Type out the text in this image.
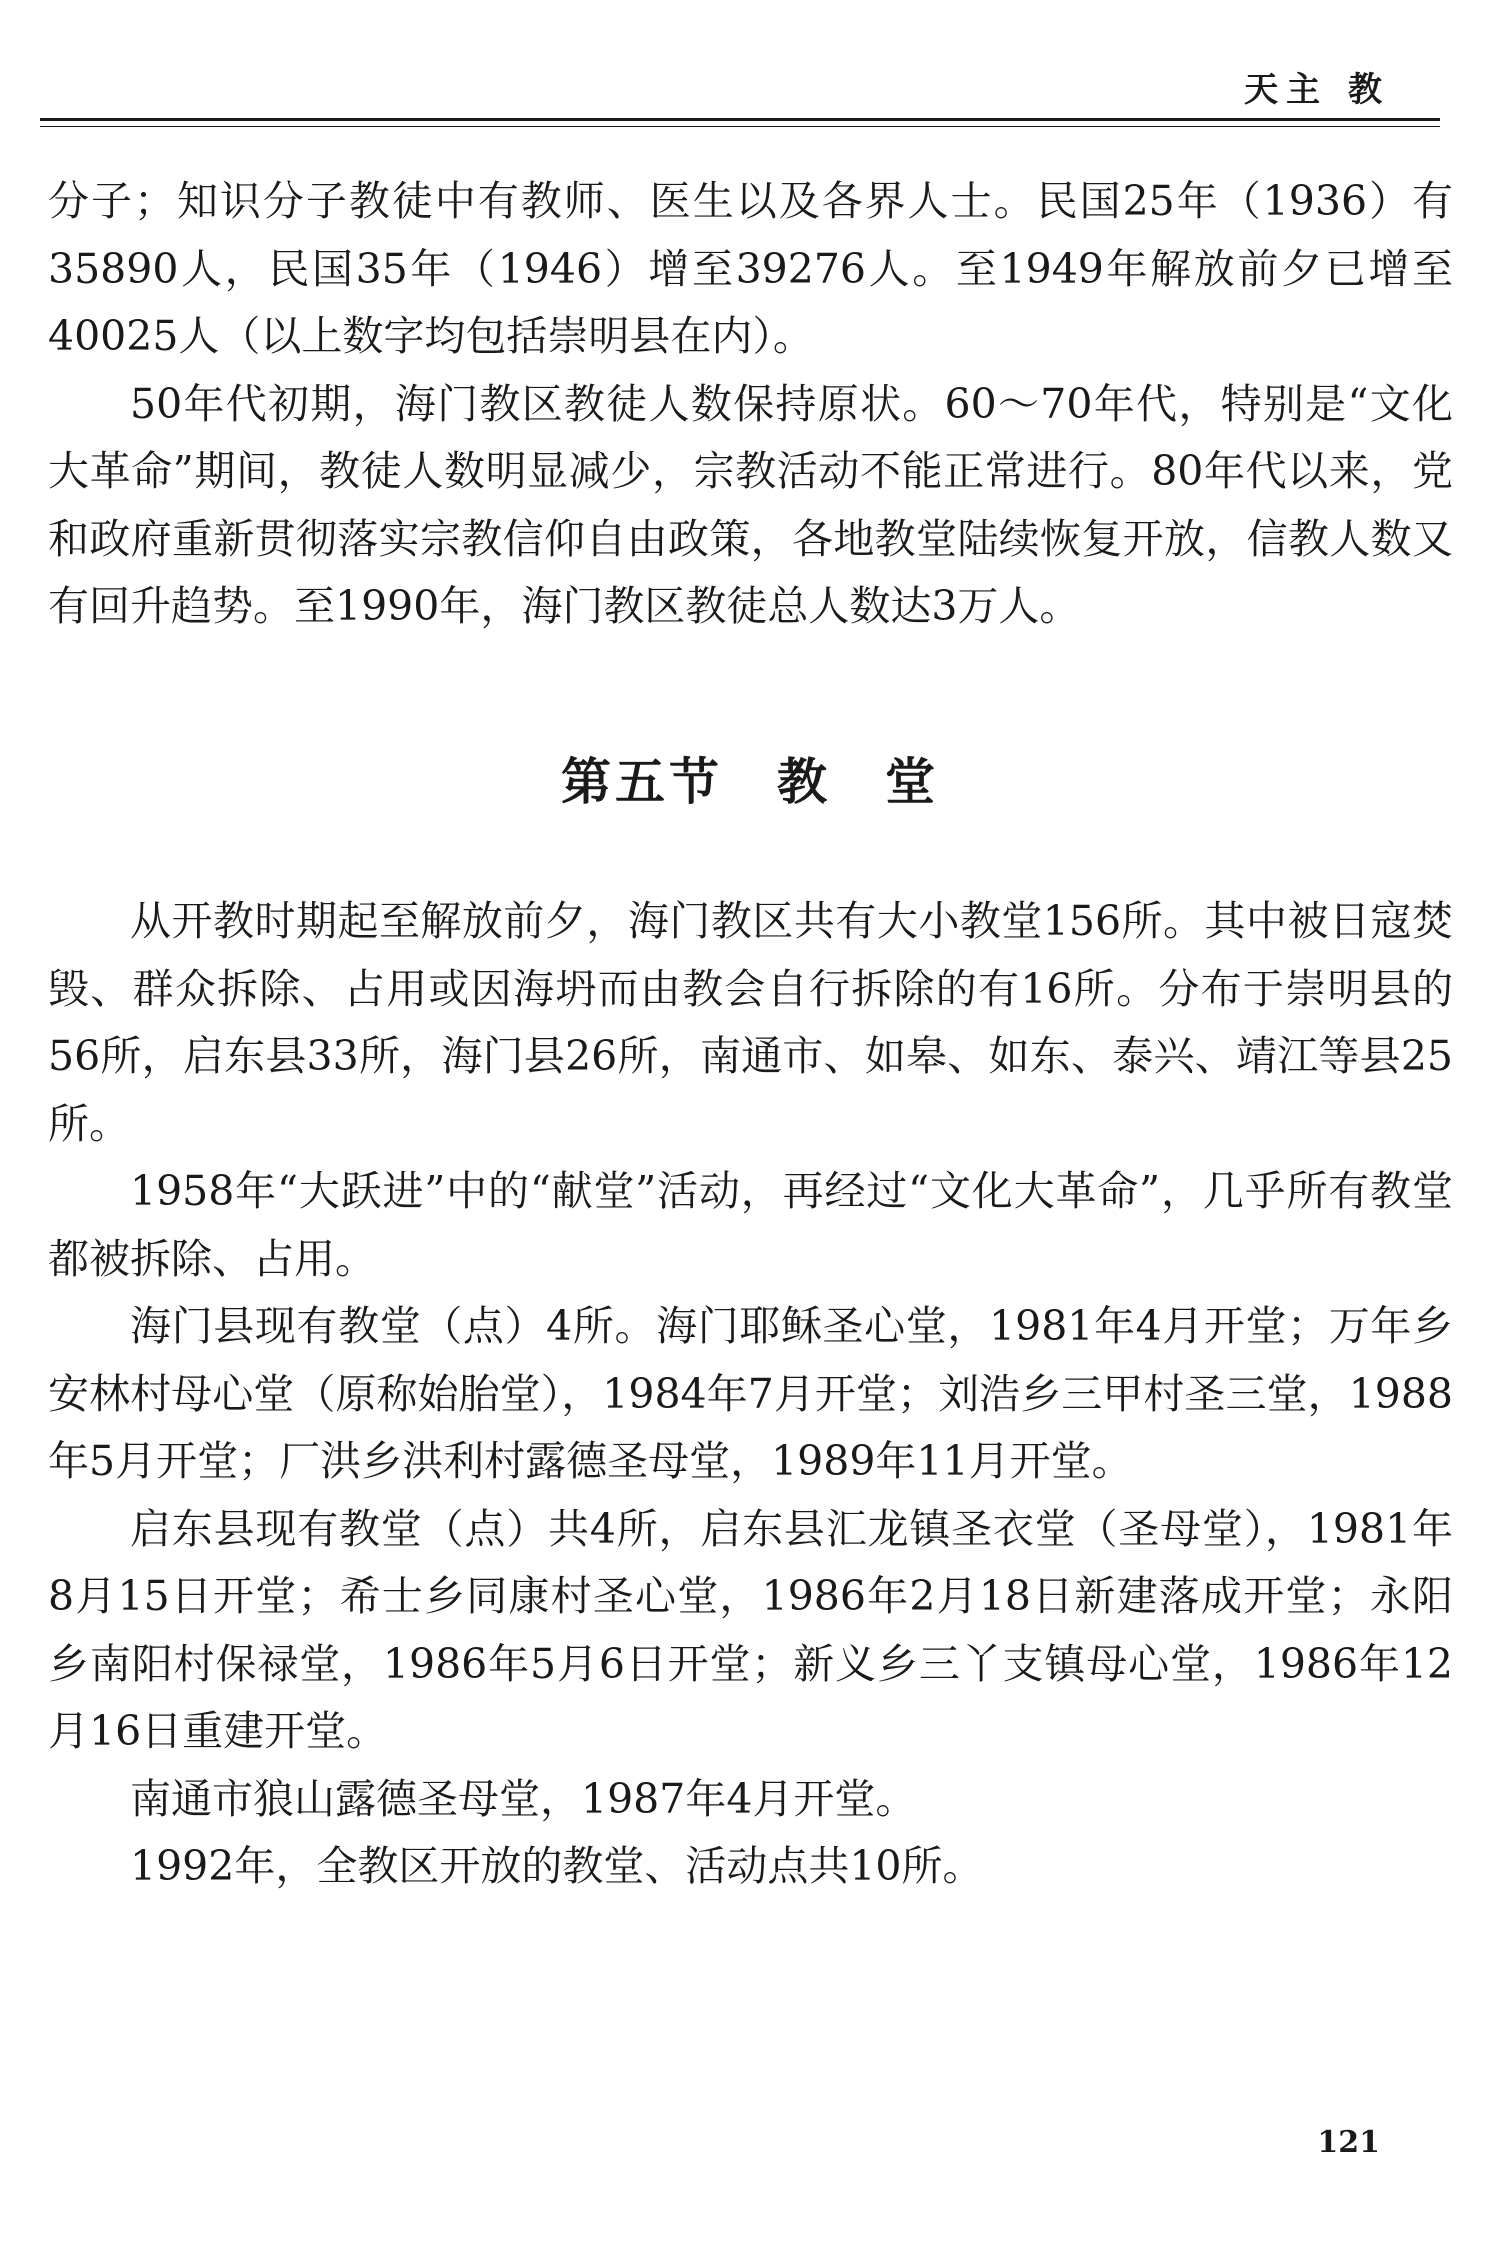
天主 教

分子；知识分子教徒中有教师、医生以及各界人士。民国25年（1936）有35890人，民国35年（1946）增至39276人。至1949年解放前夕已增至40025人（以上数字均包括崇明县在内）。

50年代初期，海门教区教徒人数保持原状。60～70年代，特别是“文化大革命”期间，教徒人数明显减少，宗教活动不能正常进行。80年代以来，党和政府重新贯彻落实宗教信仰自由政策，各地教堂陆续恢复开放，信教人数又有回升趋势。至1990年，海门教区教徒总人数达3万人。

第五节　 教　堂

从开教时期起至解放前夕，海门教区共有大小教堂156所。其中被日寇焚毁、群众拆除、占用或因海坍而由教会自行拆除的有16所。分布于崇明县的56所，启东县33所，海门县26所，南通市、如皋、如东、泰兴、靖江等县25所。

1958年“大跃进”中的“献堂”活动，再经过“文化大革命”，几乎所有教堂都被拆除、占用。

海门县现有教堂（点）4所。海门耶稣圣心堂，1981年4月开堂；万年乡安林村母心堂（原称始胎堂），1984年7月开堂；刘浩乡三甲村圣三堂，1988年5月开堂；厂洪乡洪利村露德圣母堂，1989年11月开堂。

启东县现有教堂（点）共4所，启东县汇龙镇圣衣堂（圣母堂），1981年8月15日开堂；希士乡同康村圣心堂，1986年2月18日新建落成开堂；永阳乡南阳村保禄堂，1986年5月6日开堂；新义乡三丫支镇母心堂，1986年12月16日重建开堂。

南通市狼山露德圣母堂，1987年4月开堂。

1992年，全教区开放的教堂、活动点共10所。

121
